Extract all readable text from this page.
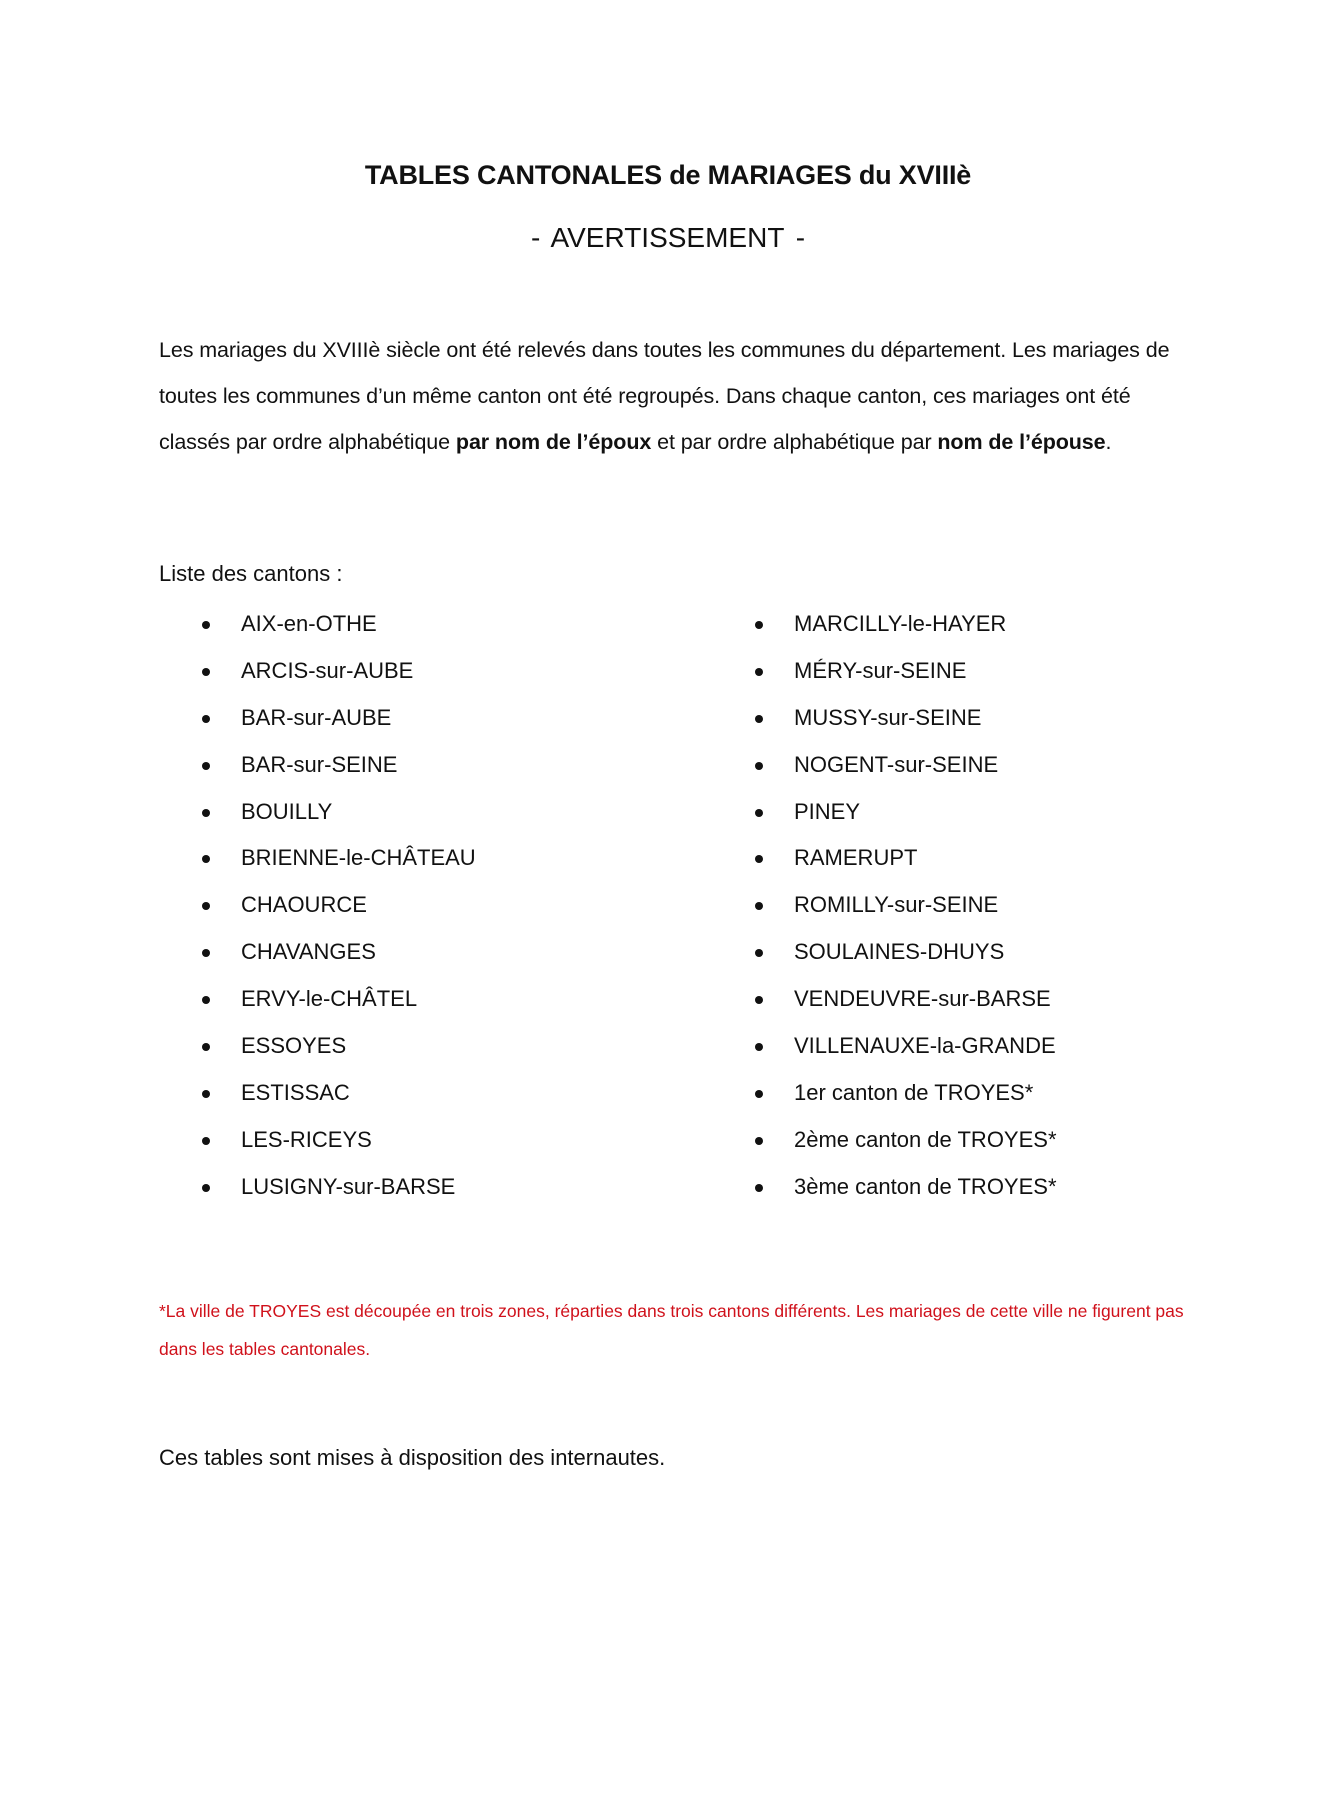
TABLES CANTONALES de MARIAGES du XVIIIè
- AVERTISSEMENT -

Les mariages du XVIIIè siècle ont été relevés dans toutes les communes du département. Les mariages de toutes les communes d’un même canton ont été regroupés. Dans chaque canton, ces mariages ont été classés par ordre alphabétique par nom de l’époux et par ordre alphabétique par nom de l’épouse.

Liste des cantons :
AIX-en-OTHE
ARCIS-sur-AUBE
BAR-sur-AUBE
BAR-sur-SEINE
BOUILLY
BRIENNE-le-CHÂTEAU
CHAOURCE
CHAVANGES
ERVY-le-CHÂTEL
ESSOYES
ESTISSAC
LES-RICEYS
LUSIGNY-sur-BARSE
MARCILLY-le-HAYER
MÉRY-sur-SEINE
MUSSY-sur-SEINE
NOGENT-sur-SEINE
PINEY
RAMERUPT
ROMILLY-sur-SEINE
SOULAINES-DHUYS
VENDEUVRE-sur-BARSE
VILLENAUXE-la-GRANDE
1er canton de TROYES*
2ème canton de TROYES*
3ème canton de TROYES*

*La ville de TROYES est découpée en trois zones, réparties dans trois cantons différents. Les mariages de cette ville ne figurent pas dans les tables cantonales.

Ces tables sont mises à disposition des internautes.
